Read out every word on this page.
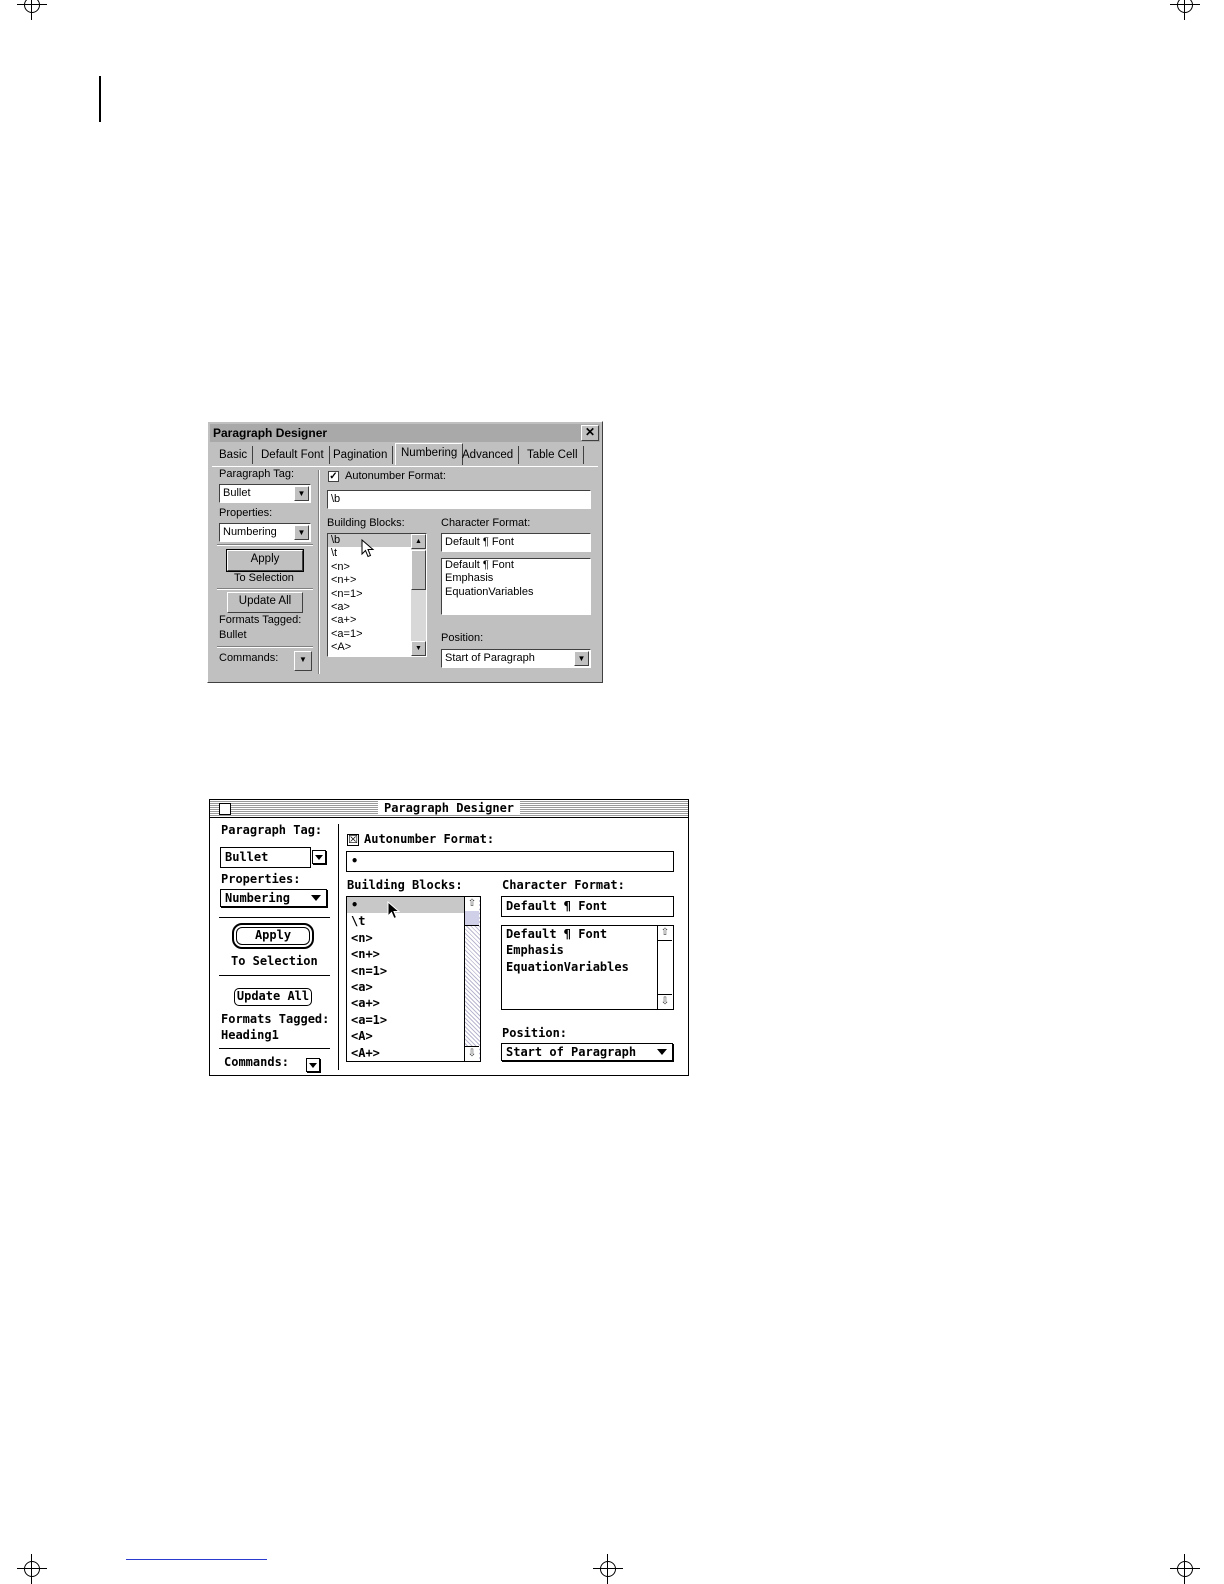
Paragraph Designer	✕
Basic	Default Font Pagination	Numbering Advanced	Table Cell
Paragraph Tag:
Bullet	▼
Properties:
Numbering	▼
Apply
To Selection
Update All
Formats Tagged:
Bullet
Commands:	▼
✓ Autonumber Format:
\b
Building Blocks:
\b
\t
<n>
<n+>
<n=1>
<a>
<a+>
<a=1>
<A>
▲
▼
Character Format:
Default ¶ Font
Default ¶ Font
Emphasis
EquationVariables
Position:
Start of Paragraph	▼
Paragraph Designer
Paragraph Tag:
Bullet
Properties:
Numbering
Apply
To Selection
Update All
Formats Tagged:
Heading1
Commands:
☒ Autonumber Format:
•
Building Blocks:
•
\t
<n>
<n+>
<n=1>
<a>
<a+>
<a=1>
<A>
<A+>
⇧
⇩
Character Format:
Default ¶ Font
Default ¶ Font
Emphasis
EquationVariables
⇧
⇩
Position:
Start of Paragraph
